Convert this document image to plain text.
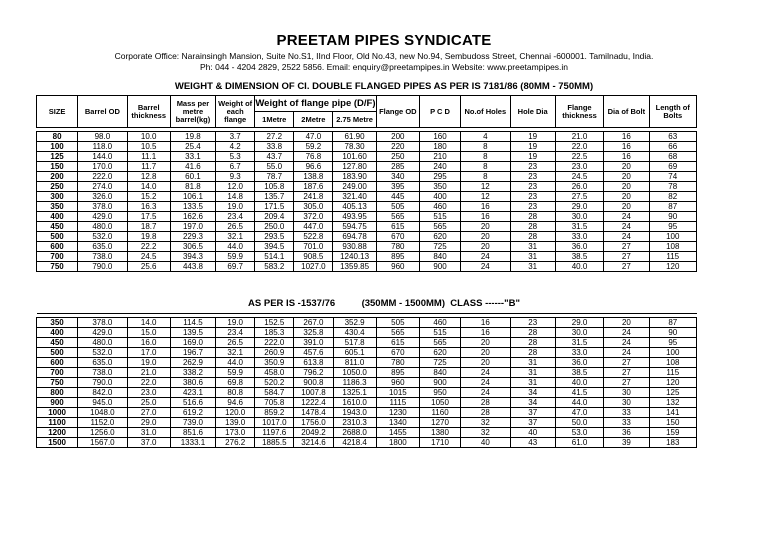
PREETAM PIPES SYNDICATE
Corporate Office: Narainsingh Mansion, Suite No.S1, IInd Floor, Old No.43, new No.94, Sembudoss Street, Chennai -600001. Tamilnadu, India.
Ph: 044 - 4204 2829, 2522 5856. Email: enquiry@preetampipes.in Website: www.preetampipes.in
WEIGHT & DIMENSION OF CI. DOUBLE FLANGED PIPES AS PER IS 7181/86 (80MM - 750MM)
SIZE	Barrel OD	Barrel thickness	Mass per metre barrel(kg)	Weight of each flange	Weight of flange pipe (D/F)			Flange OD	P C D	No.of Holes	Hole Dia	Flange thickness	Dia of Bolt	Length of Bolts
					1Metre	2Metre	2.75 Metre							

80	98.0	10.0	19.8	3.7	27.2	47.0	61.90	200	160	4	19	21.0	16	63
100	118.0	10.5	25.4	4.2	33.8	59.2	78.30	220	180	8	19	22.0	16	66
125	144.0	11.1	33.1	5.3	43.7	76.8	101.60	250	210	8	19	22.5	16	68
150	170.0	11.7	41.6	6.7	55.0	96.6	127.80	285	240	8	23	23.0	20	69
200	222.0	12.8	60.1	9.3	78.7	138.8	183.90	340	295	8	23	24.5	20	74
250	274.0	14.0	81.8	12.0	105.8	187.6	249.00	395	350	12	23	26.0	20	78
300	326.0	15.2	106.1	14.8	135.7	241.8	321.40	445	400	12	23	27.5	20	82
350	378.0	16.3	133.5	19.0	171.5	305.0	405.13	505	460	16	23	29.0	20	87
400	429.0	17.5	162.6	23.4	209.4	372.0	493.95	565	515	16	28	30.0	24	90
450	480.0	18.7	197.0	26.5	250.0	447.0	594.75	615	565	20	28	31.5	24	95
500	532.0	19.8	229.3	32.1	293.5	522.8	694.78	670	620	20	28	33.0	24	100
600	635.0	22.2	306.5	44.0	394.5	701.0	930.88	780	725	20	31	36.0	27	108
700	738.0	24.5	394.3	59.9	514.1	908.5	1240.13	895	840	24	31	38.5	27	115
750	790.0	25.6	443.8	69.7	583.2	1027.0	1359.85	960	900	24	31	40.0	27	120
AS PER IS -1537/76          (350MM - 1500MM)  CLASS ------"B"

350	378.0	14.0	114.5	19.0	152.5	267.0	352.9	505	460	16	23	29.0	20	87
400	429.0	15.0	139.5	23.4	185.3	325.8	430.4	565	515	16	28	30.0	24	90
450	480.0	16.0	169.0	26.5	222.0	391.0	517.8	615	565	20	28	31.5	24	95
500	532.0	17.0	196.7	32.1	260.9	457.6	605.1	670	620	20	28	33.0	24	100
600	635.0	19.0	262.9	44.0	350.9	613.8	811.0	780	725	20	31	36.0	27	108
700	738.0	21.0	338.2	59.9	458.0	796.2	1050.0	895	840	24	31	38.5	27	115
750	790.0	22.0	380.6	69.8	520.2	900.8	1186.3	960	900	24	31	40.0	27	120
800	842.0	23.0	423.1	80.8	584.7	1007.8	1325.1	1015	950	24	34	41.5	30	125
900	945.0	25.0	516.6	94.6	705.8	1222.4	1610.0	1115	1050	28	34	44.0	30	132
1000	1048.0	27.0	619.2	120.0	859.2	1478.4	1943.0	1230	1160	28	37	47.0	33	141
1100	1152.0	29.0	739.0	139.0	1017.0	1756.0	2310.3	1340	1270	32	37	50.0	33	150
1200	1256.0	31.0	851.6	173.0	1197.6	2049.2	2688.0	1455	1380	32	40	53.0	36	159
1500	1567.0	37.0	1333.1	276.2	1885.5	3214.6	4218.4	1800	1710	40	43	61.0	39	183
